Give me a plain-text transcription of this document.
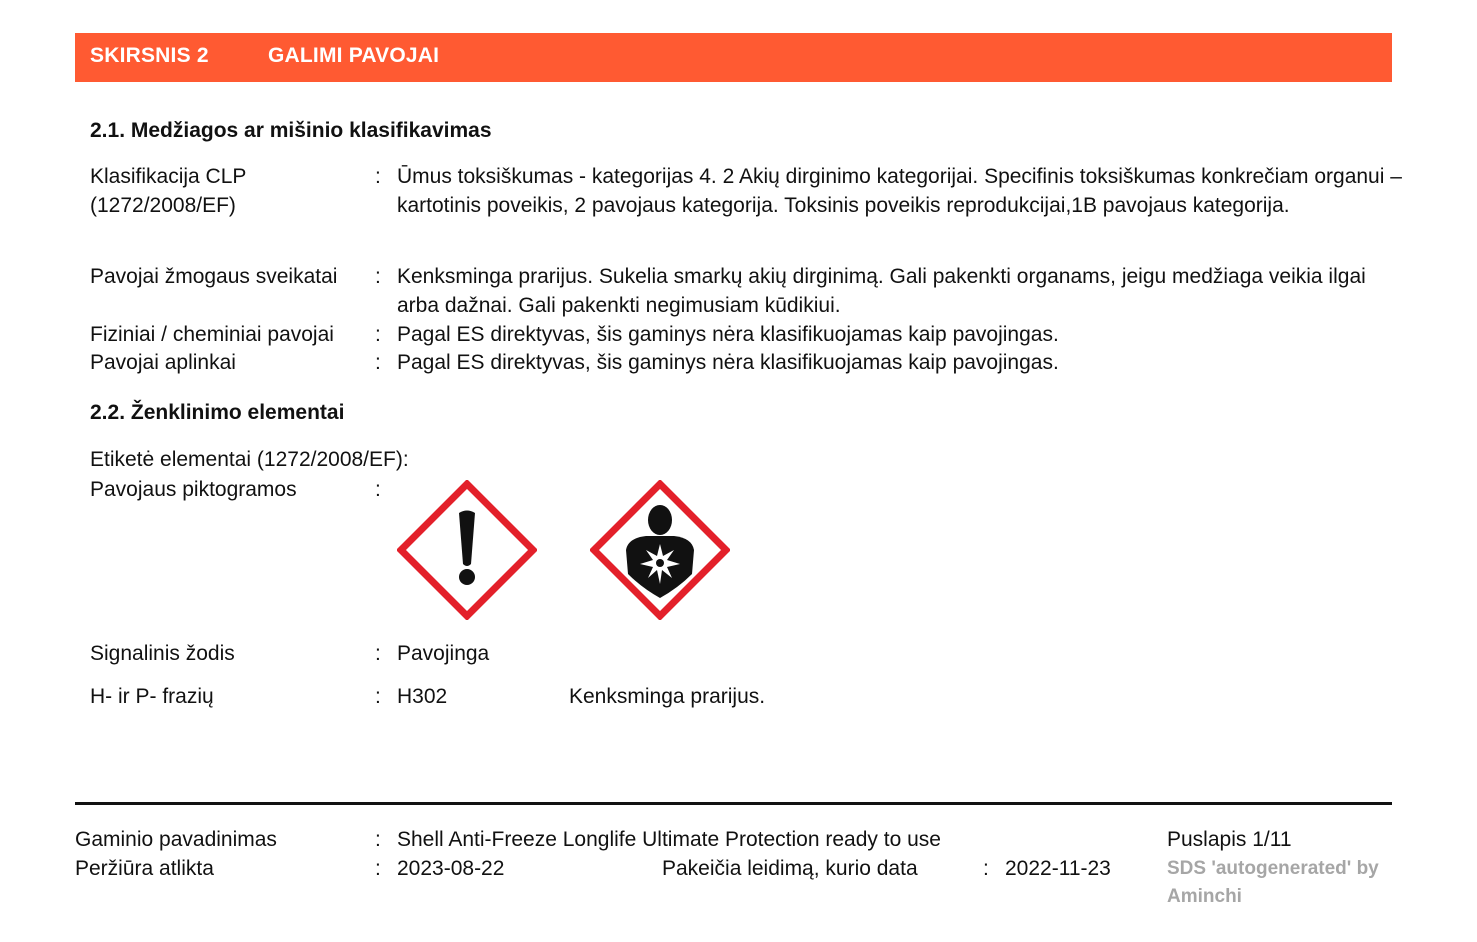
SKIRSNIS 2	GALIMI PAVOJAI
2.1. Medžiagos ar mišinio klasifikavimas
Klasifikacija CLP
(1272/2008/EF)
: Ūmus toksiškumas - kategorijas 4. 2 Akių dirginimo kategorijai. Specifinis toksiškumas konkrečiam organui – kartotinis poveikis, 2 pavojaus kategorija. Toksinis poveikis reprodukcijai,1B pavojaus kategorija.
Pavojai žmogaus sveikatai : Kenksminga prarijus. Sukelia smarkų akių dirginimą. Gali pakenkti organams, jeigu medžiaga veikia ilgai arba dažnai. Gali pakenkti negimusiam kūdikiui.
Fiziniai / cheminiai pavojai : Pagal ES direktyvas, šis gaminys nėra klasifikuojamas kaip pavojingas.
Pavojai aplinkai	: Pagal ES direktyvas, šis gaminys nėra klasifikuojamas kaip pavojingas.
2.2. Ženklinimo elementai
Etiketė elementai (1272/2008/EF):
Pavojaus piktogramos	:
Signalinis žodis	: Pavojinga
H- ir P- frazių	: H302	Kenksminga prarijus.
Gaminio pavadinimas	: Shell Anti-Freeze Longlife Ultimate Protection ready to use
Peržiūra atlikta	: 2023-08-22	Pakeičia leidimą, kurio data	: 2022-11-23
Puslapis 1/11
SDS 'autogenerated' by Aminchi
